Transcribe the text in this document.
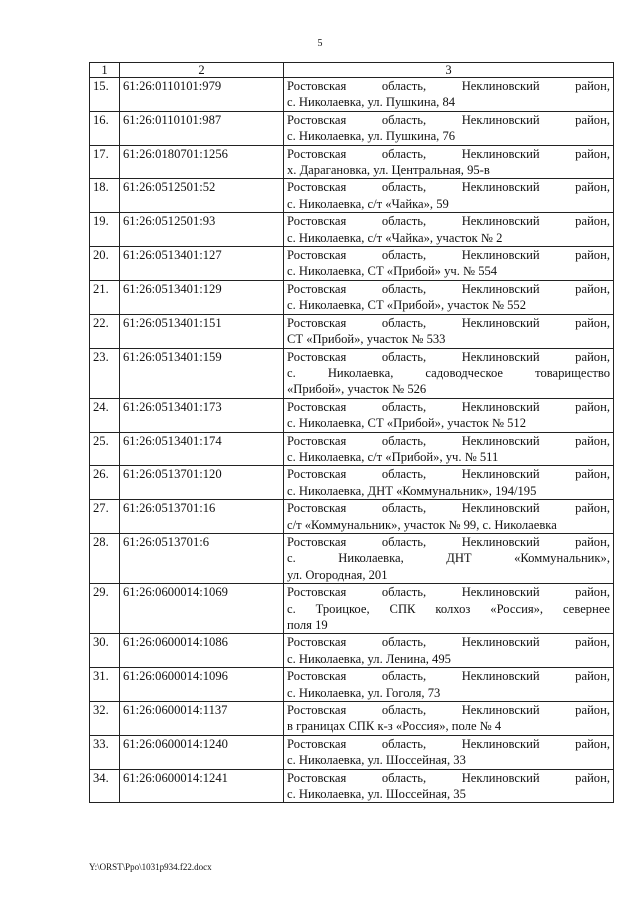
5
1	2	3
15.	61:26:0110101:979	Ростовская область, Неклиновский район,
с. Николаевка, ул. Пушкина, 84

16.	61:26:0110101:987	Ростовская область, Неклиновский район,
с. Николаевка, ул. Пушкина, 76

17.	61:26:0180701:1256	Ростовская область, Неклиновский район,
х. Дарагановка, ул. Центральная, 95-в

18.	61:26:0512501:52	Ростовская область, Неклиновский район,
с. Николаевка, с/т «Чайка», 59

19.	61:26:0512501:93	Ростовская область, Неклиновский район,
с. Николаевка, с/т «Чайка», участок № 2

20.	61:26:0513401:127	Ростовская область, Неклиновский район,
с. Николаевка, СТ «Прибой» уч. № 554

21.	61:26:0513401:129	Ростовская область, Неклиновский район,
с. Николаевка, СТ «Прибой», участок № 552

22.	61:26:0513401:151	Ростовская область, Неклиновский район,
СТ «Прибой», участок № 533

23.	61:26:0513401:159	Ростовская область, Неклиновский район,
с. Николаевка, садоводческое товарищество
«Прибой», участок № 526

24.	61:26:0513401:173	Ростовская область, Неклиновский район,
с. Николаевка, СТ «Прибой», участок № 512

25.	61:26:0513401:174	Ростовская область, Неклиновский район,
с. Николаевка, с/т «Прибой», уч. № 511

26.	61:26:0513701:120	Ростовская область, Неклиновский район,
с. Николаевка, ДНТ «Коммунальник», 194/195

27.	61:26:0513701:16	Ростовская область, Неклиновский район,
с/т «Коммунальник», участок № 99, с. Николаевка

28.	61:26:0513701:6	Ростовская область, Неклиновский район,
с. Николаевка, ДНТ «Коммунальник»,
ул. Огородная, 201

29.	61:26:0600014:1069	Ростовская область, Неклиновский район,
с. Троицкое, СПК колхоз «Россия», севернее
поля 19

30.	61:26:0600014:1086	Ростовская область, Неклиновский район,
с. Николаевка, ул. Ленина, 495

31.	61:26:0600014:1096	Ростовская область, Неклиновский район,
с. Николаевка, ул. Гоголя, 73

32.	61:26:0600014:1137	Ростовская область, Неклиновский район,
в границах СПК к-з «Россия», поле № 4

33.	61:26:0600014:1240	Ростовская область, Неклиновский район,
с. Николаевка, ул. Шоссейная, 33

34.	61:26:0600014:1241	Ростовская область, Неклиновский район,
с. Николаевка, ул. Шоссейная, 35
Y:\ORST\Ppo\1031p934.f22.docx
